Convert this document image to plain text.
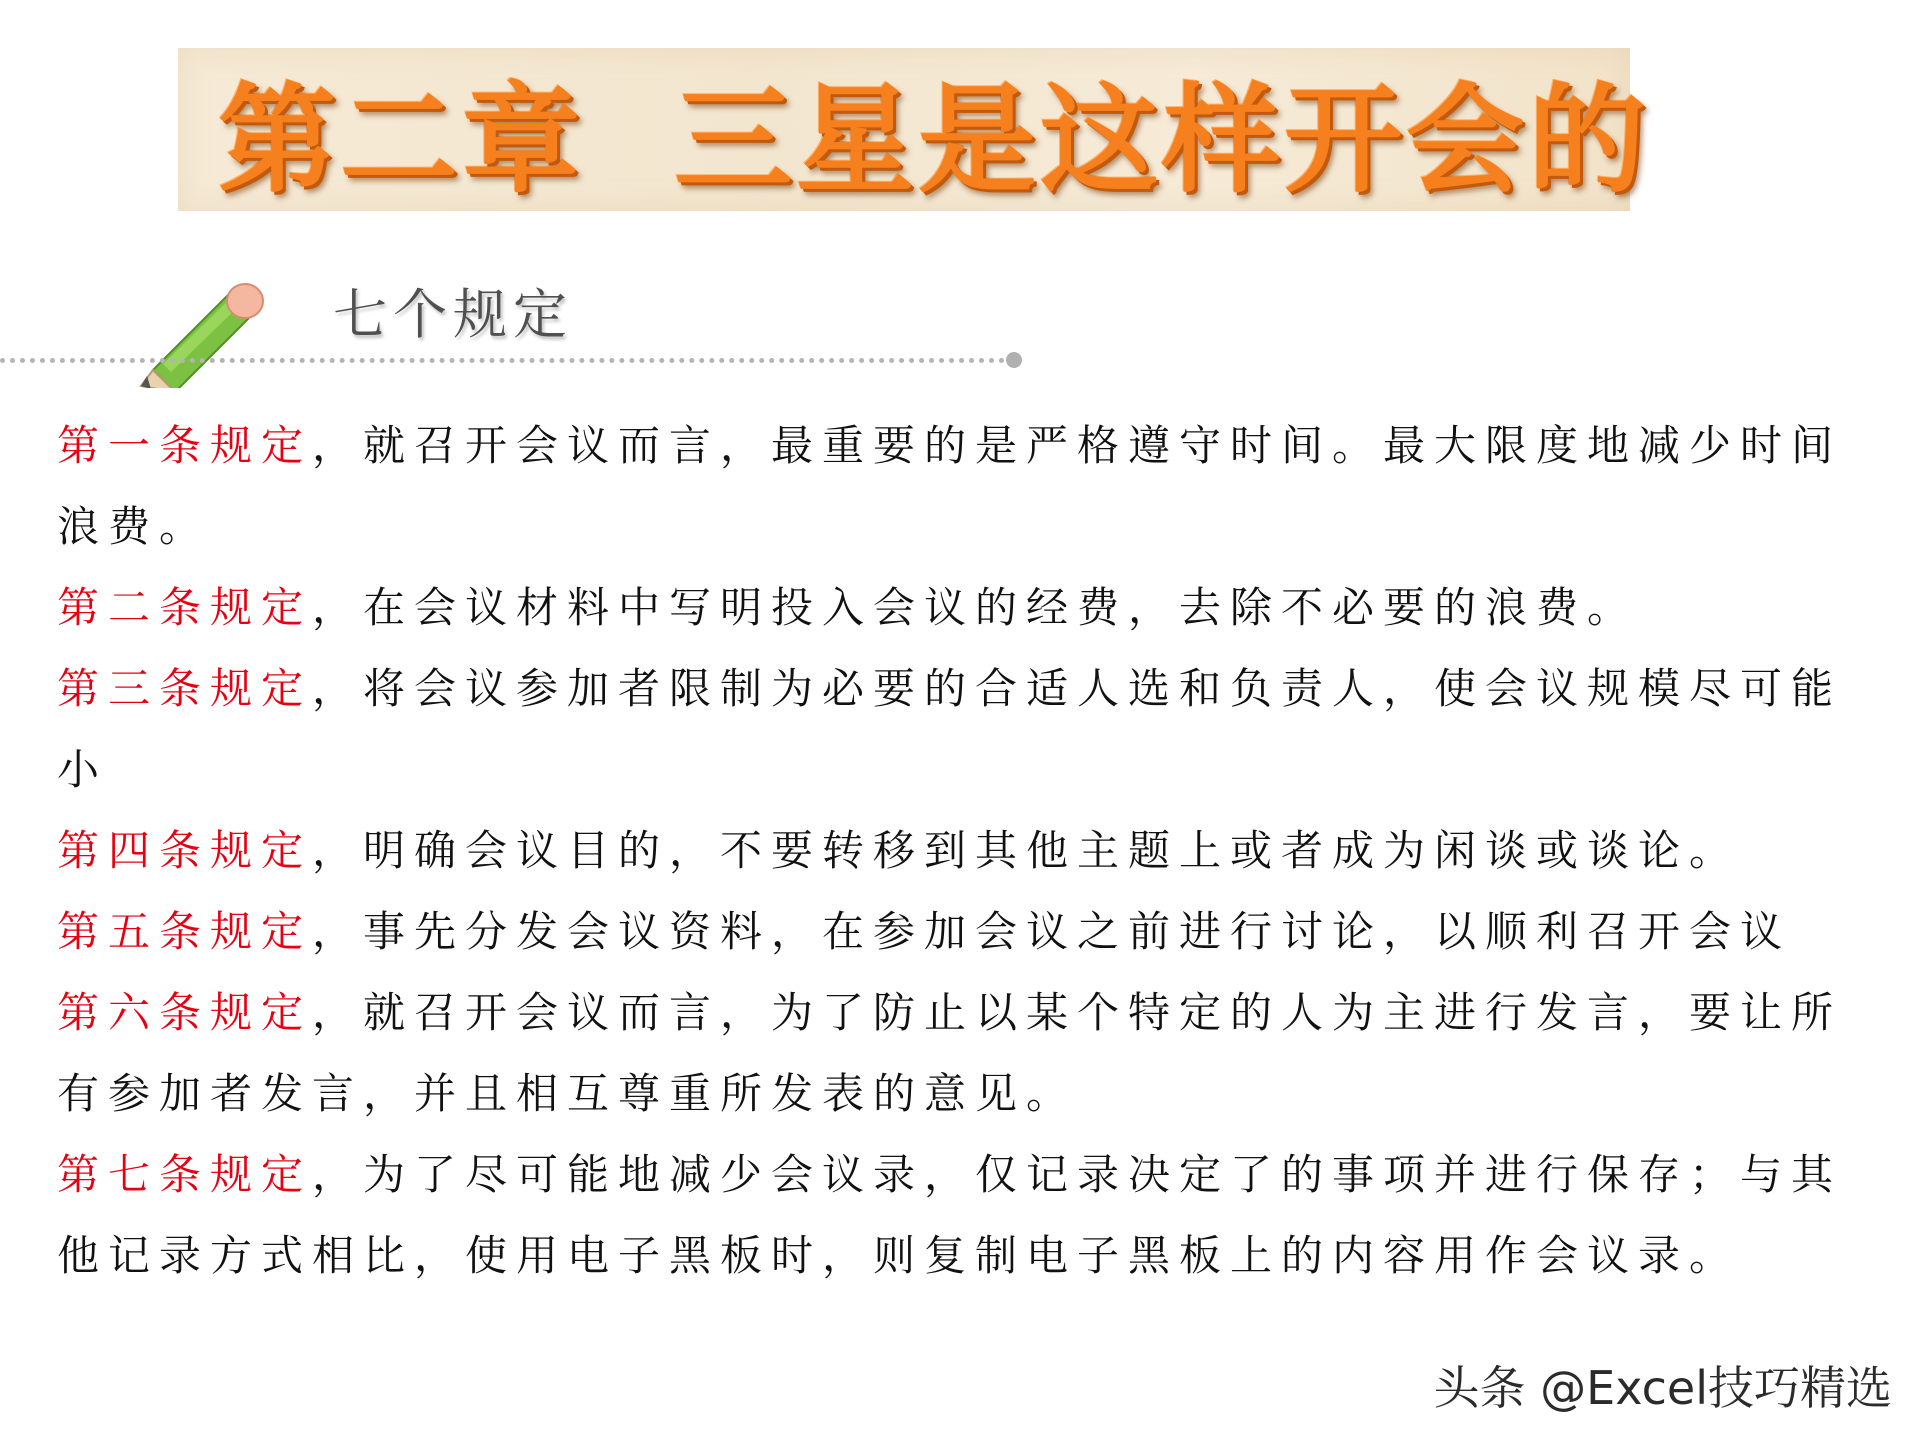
第二章  三星是这样开会的
七个规定

第一条规定，就召开会议而言，最重要的是严格遵守时间。最大限度地减少时间浪费。

第二条规定，在会议材料中写明投入会议的经费，去除不必要的浪费。

第三条规定，将会议参加者限制为必要的合适人选和负责人，使会议规模尽可能小

第四条规定，明确会议目的，不要转移到其他主题上或者成为闲谈或谈论。

第五条规定，事先分发会议资料，在参加会议之前进行讨论，以顺利召开会议

第六条规定，就召开会议而言，为了防止以某个特定的人为主进行发言，要让所有参加者发言，并且相互尊重所发表的意见。

第七条规定，为了尽可能地减少会议录，仅记录决定了的事项并进行保存；与其他记录方式相比，使用电子黑板时，则复制电子黑板上的内容用作会议录。

头条 @Excel技巧精选
